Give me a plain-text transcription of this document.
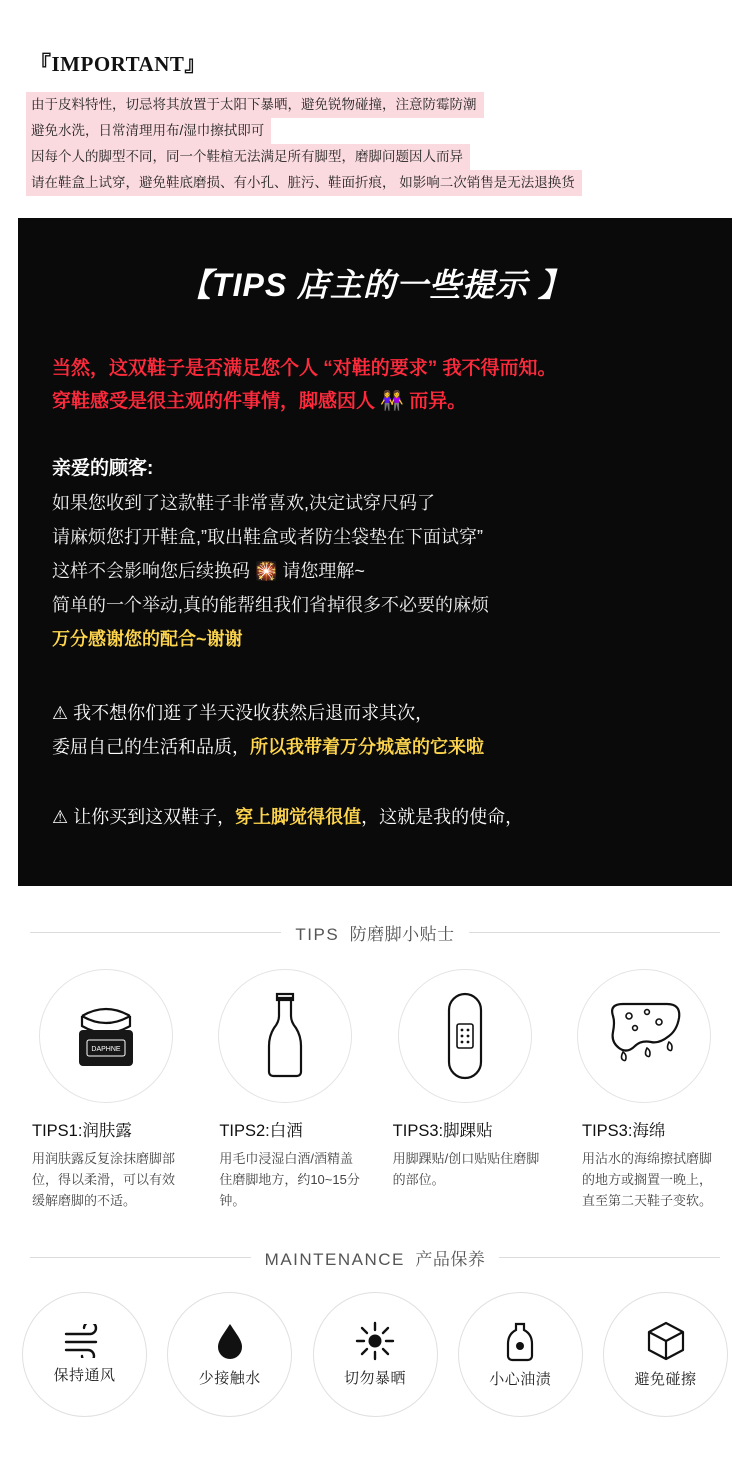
『IMPORTANT』
由于皮料特性，切忌将其放置于太阳下暴晒，避免锐物碰撞，注意防霉防潮
避免水洗，日常清理用布/湿巾擦拭即可
因每个人的脚型不同，同一个鞋楦无法满足所有脚型，磨脚问题因人而异
请在鞋盒上试穿，避免鞋底磨损、有小孔、脏污、鞋面折痕， 如影响二次销售是无法退换货
【TIPS 店主的一些提示 】
当然，这双鞋子是否满足您个人 “对鞋的要求” 我不得而知。
穿鞋感受是很主观的件事情，脚感因人 👭 而异。
亲爱的顾客:
如果您收到了这款鞋子非常喜欢,决定试穿尺码了
请麻烦您打开鞋盒,”取出鞋盒或者防尘袋垫在下面试穿”
这样不会影响您后续换码 🎇 请您理解~
简单的一个举动,真的能帮组我们省掉很多不必要的麻烦
万分感谢您的配合~谢谢
⚠ 我不想你们逛了半天没收获然后退而求其次，
委屈自己的生活和品质，所以我带着万分城意的它来啦
⚠ 让你买到这双鞋子，穿上脚觉得很值，这就是我的使命，
TIPS 防磨脚小贴士
DAPHNE
TIPS1:润肤露
用润肤露反复涂抹磨脚部位，得以柔滑，可以有效缓解磨脚的不适。
TIPS2:白酒
用毛巾浸湿白酒/酒精盖住磨脚地方，约10~15分钟。
TIPS3:脚踝贴
用脚踝贴/创口贴贴住磨脚的部位。
TIPS3:海绵
用沾水的海绵擦拭磨脚的地方或搁置一晚上，直至第二天鞋子变软。
MAINTENANCE 产品保养
保持通风	少接触水	切勿暴晒	小心油渍	避免碰擦
